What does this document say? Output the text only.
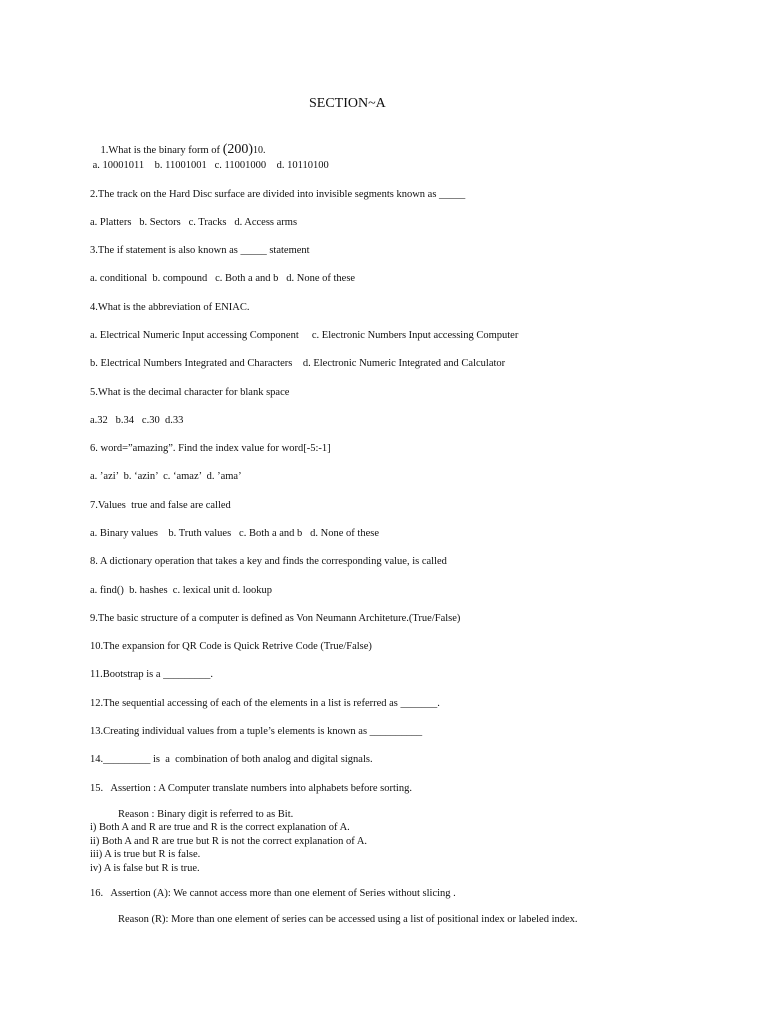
SECTION~A

1.What is the binary form of (200)10.

a. 10001011    b. 11001001   c. 11001000    d. 10110100
2.The track on the Hard Disc surface are divided into invisible segments known as _____
a. Platters   b. Sectors   c. Tracks   d. Access arms
3.The if statement is also known as _____ statement
a. conditional  b. compound   c. Both a and b   d. None of these
4.What is the abbreviation of ENIAC.
a. Electrical Numeric Input accessing Component     c. Electronic Numbers Input accessing Computer
b. Electrical Numbers Integrated and Characters    d. Electronic Numeric Integrated and Calculator
5.What is the decimal character for blank space
a.32   b.34   c.30  d.33
6. word=”amazing”. Find the index value for word[-5:-1]
a. ’azi’  b. ‘azin’  c. ‘amaz’  d. ’ama’
7.Values  true and false are called
a. Binary values    b. Truth values   c. Both a and b   d. None of these
8. A dictionary operation that takes a key and finds the corresponding value, is called
a. find()  b. hashes  c. lexical unit d. lookup
9.The basic structure of a computer is defined as Von Neumann Architeture.(True/False)
10.The expansion for QR Code is Quick Retrive Code (True/False)
11.Bootstrap is a _________.
12.The sequential accessing of each of the elements in a list is referred as _______.
13.Creating individual values from a tuple’s elements is known as __________
14._________ is  a  combination of both analog and digital signals.
15.   Assertion : A Computer translate numbers into alphabets before sorting.
Reason : Binary digit is referred to as Bit.
i) Both A and R are true and R is the correct explanation of A.
ii) Both A and R are true but R is not the correct explanation of A.
iii) A is true but R is false.
iv) A is false but R is true.
16.   Assertion (A): We cannot access more than one element of Series without slicing .
Reason (R): More than one element of series can be accessed using a list of positional index or labeled index.
